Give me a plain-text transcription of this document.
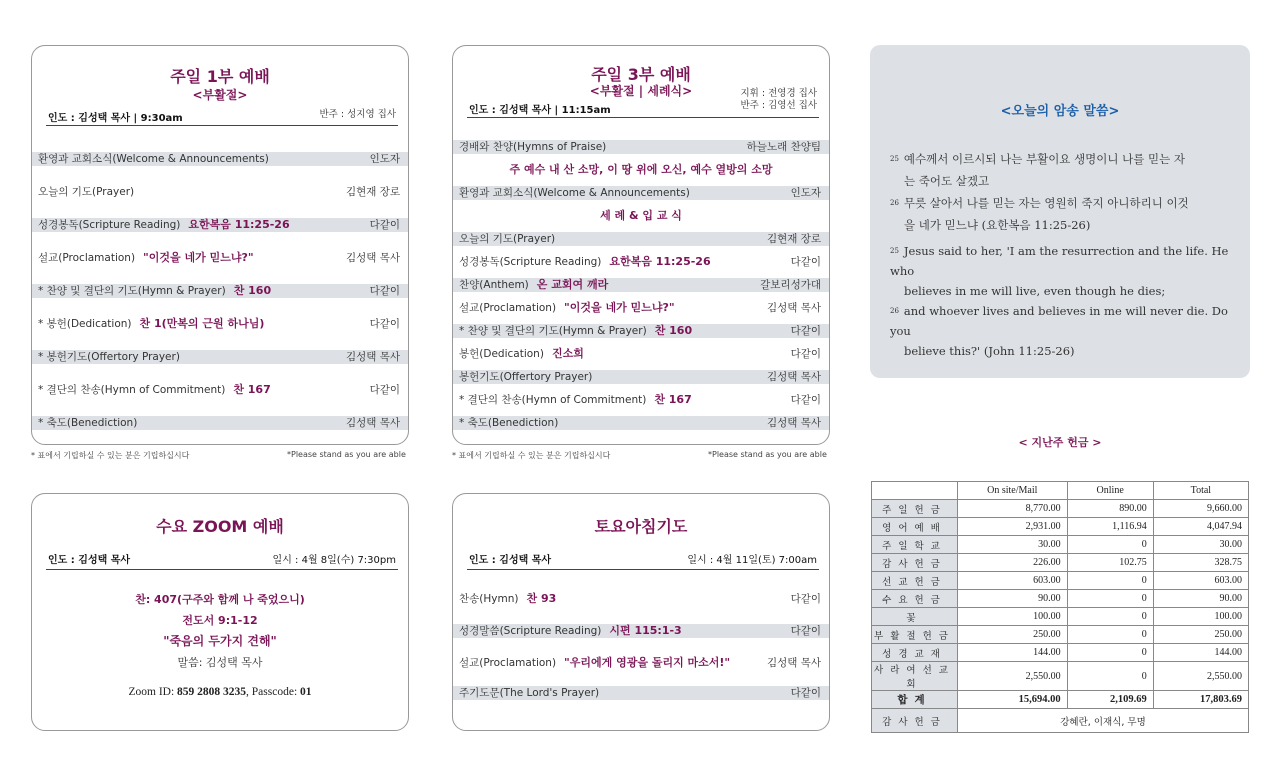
주일 1부 예배
<부활절>
인도 : 김성택 목사 | 9:30am	반주 : 성지영 집사
환영과 교회소식(Welcome & Announcements)	인도자
오늘의 기도(Prayer)	김현재 장로
성경봉독(Scripture Reading) 요한복음 11:25-26	다같이
설교(Proclamation) "이것을 네가 믿느냐?"	김성택 목사
* 찬양 및 결단의 기도(Hymn & Prayer) 찬 160	다같이
* 봉헌(Dedication) 찬 1(만복의 근원 하나님)	다같이
* 봉헌기도(Offertory Prayer)	김성택 목사
* 결단의 찬송(Hymn of Commitment) 찬 167	다같이
* 축도(Benediction)	김성택 목사
* 표에서 기립하실 수 있는 분은 기립하십시다	*Please stand as you are able
주일 3부 예배
<부활절 | 세례식>
인도 : 김성택 목사 | 11:15am
지휘 : 전영경 집사
반주 : 김영선 집사
경배와 찬양(Hymns of Praise)	하늘노래 찬양팀
주 예수 내 산 소망, 이 땅 위에 오신, 예수 열방의 소망
환영과 교회소식(Welcome & Announcements)	인도자
세 례 & 입 교 식
오늘의 기도(Prayer)	김현재 장로
성경봉독(Scripture Reading) 요한복음 11:25-26	다같이
찬양(Anthem) 온 교회여 깨라	갈보리성가대
설교(Proclamation) "이것을 네가 믿느냐?"	김성택 목사
* 찬양 및 결단의 기도(Hymn & Prayer) 찬 160	다같이
봉헌(Dedication) 진소희	다같이
봉헌기도(Offertory Prayer)	김성택 목사
* 결단의 찬송(Hymn of Commitment) 찬 167	다같이
* 축도(Benediction)	김성택 목사
* 표에서 기립하실 수 있는 분은 기립하십시다	*Please stand as you are able
<오늘의 암송 말씀>
$^{25}$ 예수께서 이르시되 나는 부활이요 생명이니 나를 믿는 자
는 죽어도 살겠고
$^{26}$ 무릇 살아서 나를 믿는 자는 영원히 죽지 아니하리니 이것
을 네가 믿느냐 (요한복음 11:25-26)
$^{25}$ Jesus said to her, 'I am the resurrection and the life. He who
believes in me will live, even though he dies;
$^{26}$ and whoever lives and believes in me will never die. Do you
believe this?' (John 11:25-26)
수요 ZOOM 예배
인도 : 김성택 목사	일시 : 4월 8일(수) 7:30pm
찬: 407(구주와 함께 나 죽었으니)
전도서 9:1-12
"죽음의 두가지 견해"
말씀: 김성택 목사
Zoom ID: 859 2808 3235, Passcode: 01
토요아침기도
인도 : 김성택 목사	일시 : 4월 11일(토) 7:00am
찬송(Hymn) 찬 93	다같이
성경말씀(Scripture Reading) 시편 115:1-3	다같이
설교(Proclamation) "우리에게 영광을 돌리지 마소서!"	김성택 목사
주기도문(The Lord's Prayer)	다같이
< 지난주 헌금 >
	On site/Mail	Online	Total
주일헌금	8,770.00	890.00	9,660.00
영어예배	2,931.00	1,116.94	4,047.94
주일학교	30.00	0	30.00
감사헌금	226.00	102.75	328.75
선교헌금	603.00	0	603.00
수요헌금	90.00	0	90.00
꽃	100.00	0	100.00
부활절헌금	250.00	0	250.00
성경교재	144.00	0	144.00
사라여선교회	2,550.00	0	2,550.00
합계	15,694.00	2,109.69	17,803.69
감사헌금	강혜란, 이재식, 무명		
